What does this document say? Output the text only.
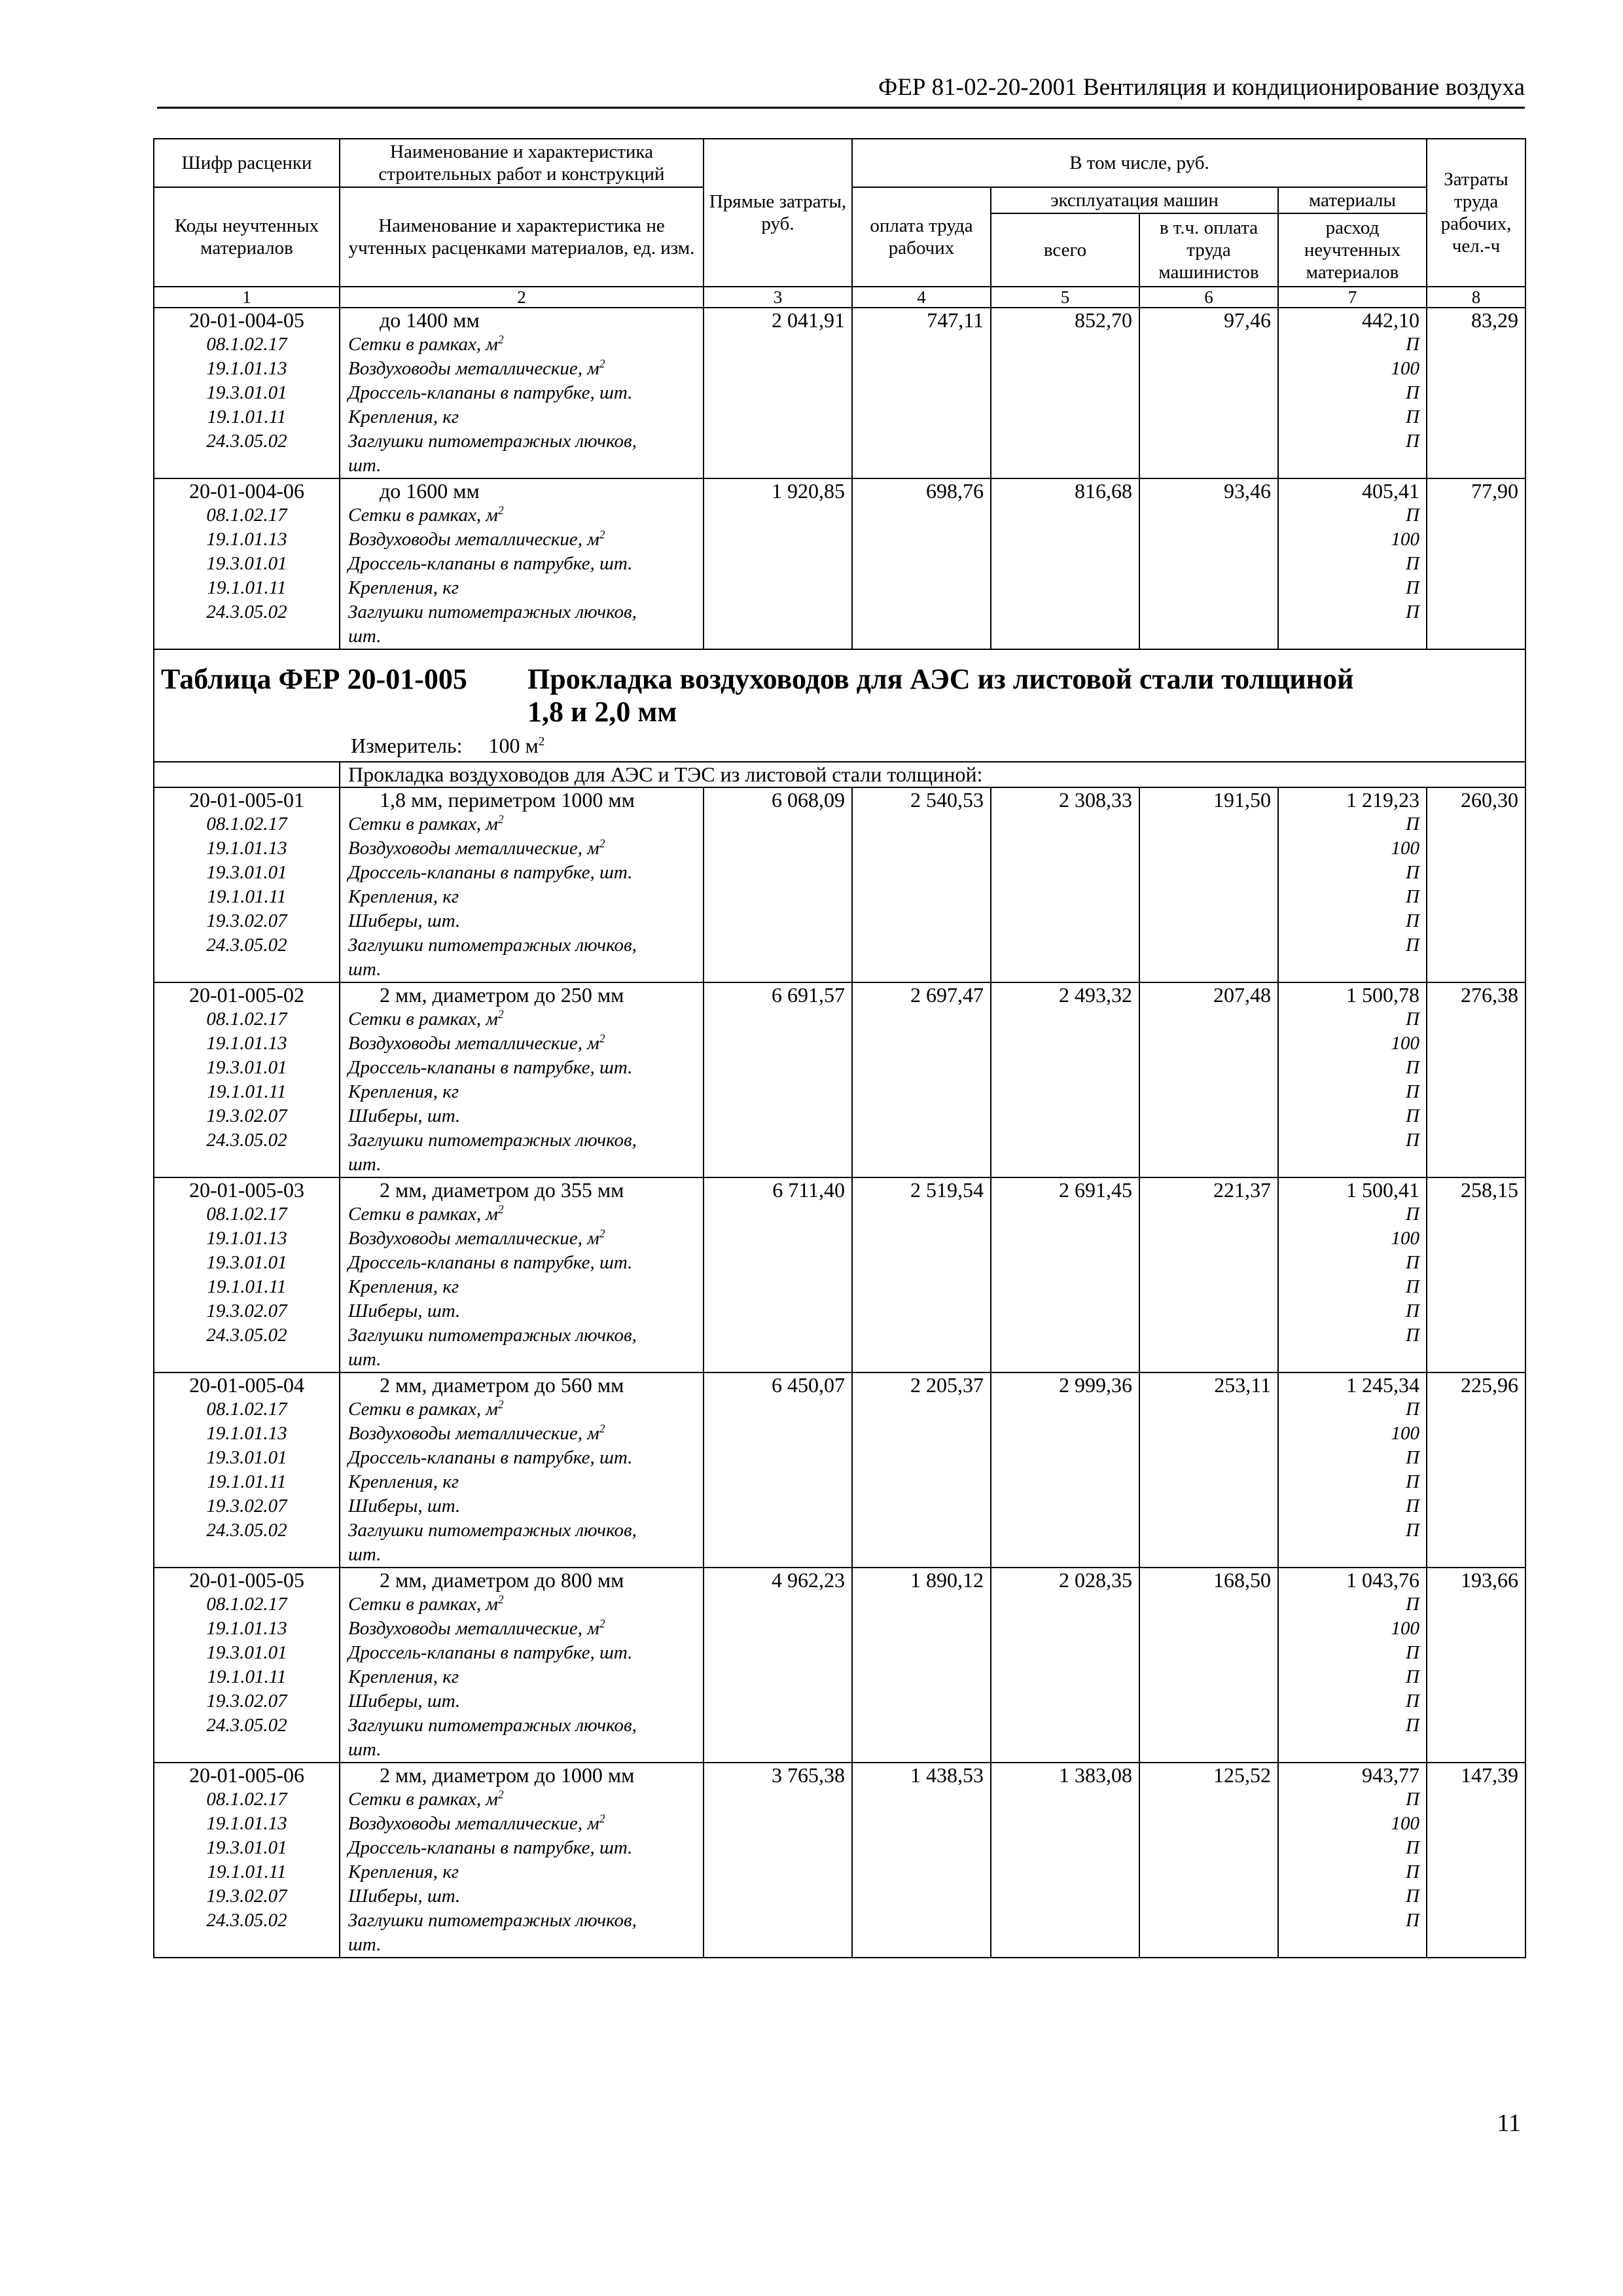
ФЕР 81-02-20-2001 Вентиляция и кондиционирование воздуха
Шифр расценки	Наименование и характеристика строительных работ и конструкций	Прямые затраты, руб.	В том числе, руб.				Затраты труда рабочих, чел.-ч
Коды неучтенных материалов	Наименование и характеристика не учтенных расценками материалов, ед. изм.		оплата труда рабочих	эксплуатация машин		материалы	
				всего	в т.ч. оплата труда машинистов	расход неучтенных материалов	
1	2	3	4	5	6	7	8
20-01-004-05	до 1400 мм	2 041,91	747,11	852,70	97,46	442,10	83,29
08.1.02.17	Сетки в рамках, $м^2$					П	
19.1.01.13	Воздуховоды металлические, $м^2$					100	
19.3.01.01	Дроссель-клапаны в патрубке, шт.					П	
19.1.01.11	Крепления, кг					П	
24.3.05.02	Заглушки питометражных лючков,					П	
	шт.						
20-01-004-06	до 1600 мм	1 920,85	698,76	816,68	93,46	405,41	77,90
08.1.02.17	Сетки в рамках, $м^2$					П	
19.1.01.13	Воздуховоды металлические, $м^2$					100	
19.3.01.01	Дроссель-клапаны в патрубке, шт.					П	
19.1.01.11	Крепления, кг					П	
24.3.05.02	Заглушки питометражных лючков,					П	
	шт.						

Таблица ФЕР 20-01-005 Прокладка воздуховодов для АЭС из листовой стали толщиной
1,8 и 2,0 мм
Измеритель: 100 $м^2$

	Прокладка воздуховодов для АЭС и ТЭС из листовой стали толщиной:						
20-01-005-01	1,8 мм, периметром 1000 мм	6 068,09	2 540,53	2 308,33	191,50	1 219,23	260,30
08.1.02.17	Сетки в рамках, $м^2$					П	
19.1.01.13	Воздуховоды металлические, $м^2$					100	
19.3.01.01	Дроссель-клапаны в патрубке, шт.					П	
19.1.01.11	Крепления, кг					П	
19.3.02.07	Шиберы, шт.					П	
24.3.05.02	Заглушки питометражных лючков,					П	
	шт.						
20-01-005-02	2 мм, диаметром до 250 мм	6 691,57	2 697,47	2 493,32	207,48	1 500,78	276,38
08.1.02.17	Сетки в рамках, $м^2$					П	
19.1.01.13	Воздуховоды металлические, $м^2$					100	
19.3.01.01	Дроссель-клапаны в патрубке, шт.					П	
19.1.01.11	Крепления, кг					П	
19.3.02.07	Шиберы, шт.					П	
24.3.05.02	Заглушки питометражных лючков,					П	
	шт.						
20-01-005-03	2 мм, диаметром до 355 мм	6 711,40	2 519,54	2 691,45	221,37	1 500,41	258,15
08.1.02.17	Сетки в рамках, $м^2$					П	
19.1.01.13	Воздуховоды металлические, $м^2$					100	
19.3.01.01	Дроссель-клапаны в патрубке, шт.					П	
19.1.01.11	Крепления, кг					П	
19.3.02.07	Шиберы, шт.					П	
24.3.05.02	Заглушки питометражных лючков,					П	
	шт.						
20-01-005-04	2 мм, диаметром до 560 мм	6 450,07	2 205,37	2 999,36	253,11	1 245,34	225,96
08.1.02.17	Сетки в рамках, $м^2$					П	
19.1.01.13	Воздуховоды металлические, $м^2$					100	
19.3.01.01	Дроссель-клапаны в патрубке, шт.					П	
19.1.01.11	Крепления, кг					П	
19.3.02.07	Шиберы, шт.					П	
24.3.05.02	Заглушки питометражных лючков,					П	
	шт.						
20-01-005-05	2 мм, диаметром до 800 мм	4 962,23	1 890,12	2 028,35	168,50	1 043,76	193,66
08.1.02.17	Сетки в рамках, $м^2$					П	
19.1.01.13	Воздуховоды металлические, $м^2$					100	
19.3.01.01	Дроссель-клапаны в патрубке, шт.					П	
19.1.01.11	Крепления, кг					П	
19.3.02.07	Шиберы, шт.					П	
24.3.05.02	Заглушки питометражных лючков,					П	
	шт.						
20-01-005-06	2 мм, диаметром до 1000 мм	3 765,38	1 438,53	1 383,08	125,52	943,77	147,39
08.1.02.17	Сетки в рамках, $м^2$					П	
19.1.01.13	Воздуховоды металлические, $м^2$					100	
19.3.01.01	Дроссель-клапаны в патрубке, шт.					П	
19.1.01.11	Крепления, кг					П	
19.3.02.07	Шиберы, шт.					П	
24.3.05.02	Заглушки питометражных лючков,					П	
	шт.						
11
